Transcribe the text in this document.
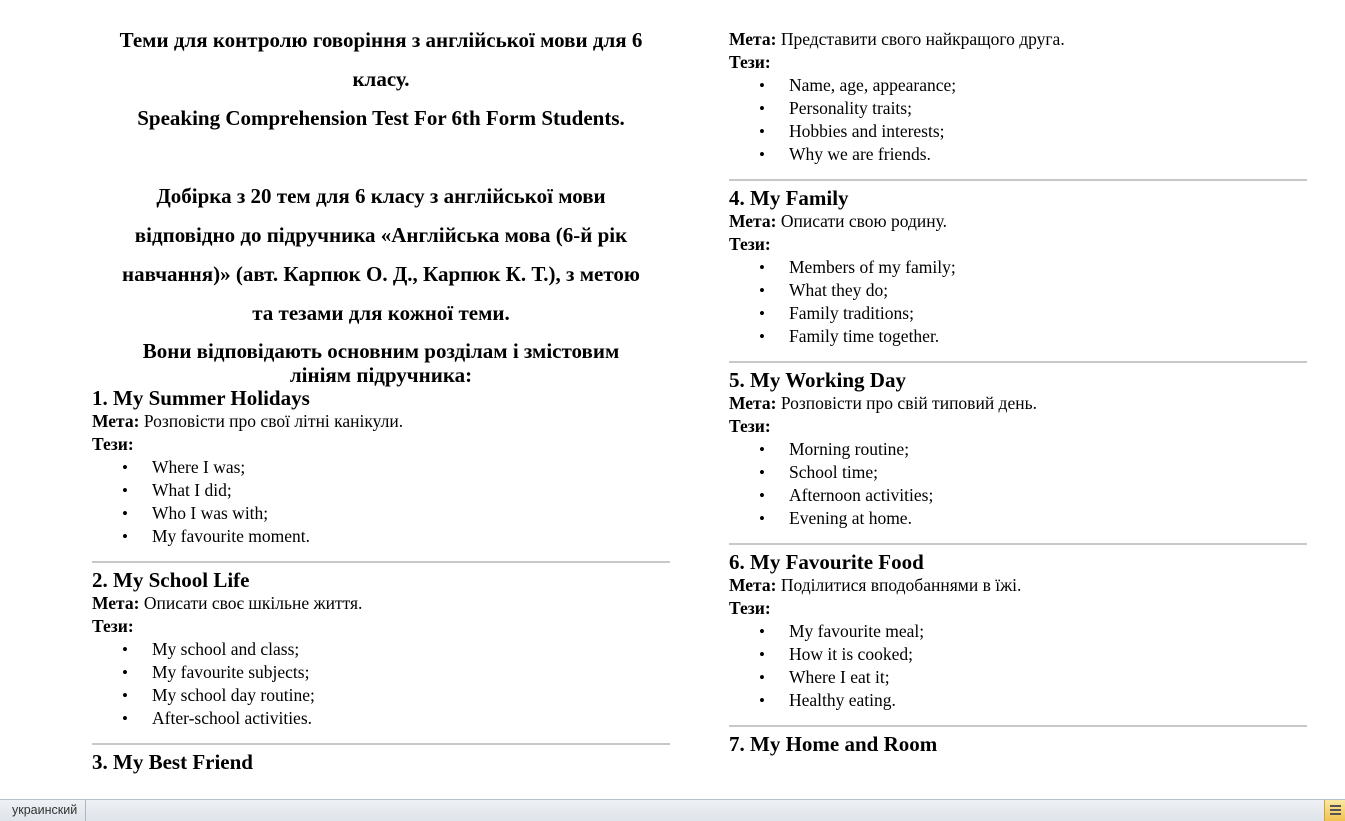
Теми для контролю говоріння з англійської мови для 6
класу.
Speaking Comprehension Test For 6th Form Students.
Добірка з 20 тем для 6 класу з англійської мови
відповідно до підручника «Англійська мова (6-й рік
навчання)» (авт. Карпюк О. Д., Карпюк К. Т.), з метою
та тезами для кожної теми.
Вони відповідають основним розділам і змістовим
лініям підручника:
1. My Summer Holidays
Мета: Розповісти про свої літні канікули.
Тези:
• Where I was;
• What I did;
• Who I was with;
• My favourite moment.
2. My School Life
Мета: Описати своє шкільне життя.
Тези:
• My school and class;
• My favourite subjects;
• My school day routine;
• After-school activities.
3. My Best Friend
Мета: Представити свого найкращого друга.
Тези:
• Name, age, appearance;
• Personality traits;
• Hobbies and interests;
• Why we are friends.
4. My Family
Мета: Описати свою родину.
Тези:
• Members of my family;
• What they do;
• Family traditions;
• Family time together.
5. My Working Day
Мета: Розповісти про свій типовий день.
Тези:
• Morning routine;
• School time;
• Afternoon activities;
• Evening at home.
6. My Favourite Food
Мета: Поділитися вподобаннями в їжі.
Тези:
• My favourite meal;
• How it is cooked;
• Where I eat it;
• Healthy eating.
7. My Home and Room
украинский
